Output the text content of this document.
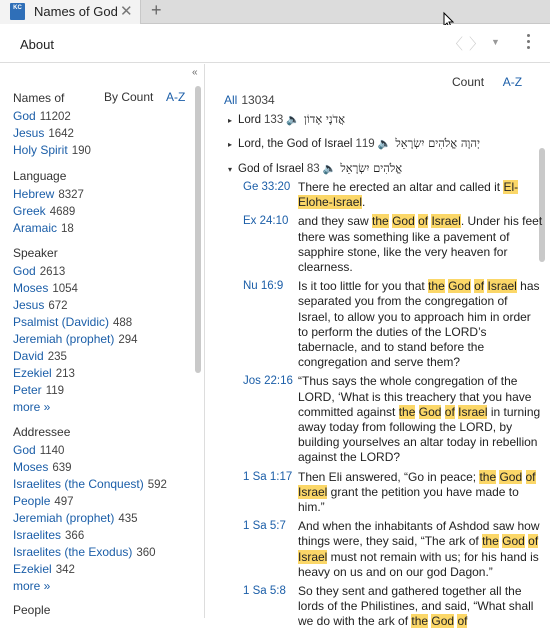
KC Names of God ✕ +
About	〈 〉 ▼
«
By Count A-Z
Names of
God 11202
Jesus 1642
Holy Spirit 190
Language
Hebrew 8327
Greek 4689
Aramaic 18
Speaker
God 2613
Moses 1054
Jesus 672
Psalmist (Davidic) 488
Jeremiah (prophet) 294
David 235
Ezekiel 213
Peter 119
more »
Addressee
God 1140
Moses 639
Israelites (the Conquest) 592
People 497
Jeremiah (prophet) 435
Israelites 366
Israelites (the Exodus) 360
Ezekiel 342
more »
People
Count A-Z
All 13034
▸ Lord	אֲדֹנָי אָדוֹן🔈133
▸ Lord, the God of Israel	יְהוָה אֱלֹהִים יִשְׂרָאֵל🔈119
▾ God of Israel	אֱלֹהִים יִשְׂרָאֵל🔈83
Ge 33:20 There he erected an altar and called it El-Elohe-Israel.
Ex 24:10 and they saw the God of Israel. Under his feet there was something like a pavement of sapphire stone, like the very heaven for clearness.
Nu 16:9	Is it too little for you that the God of Israel has separated you from the congregation of Israel, to allow you to approach him in order to perform the duties of the LORD’s tabernacle, and to stand before the congregation and serve them?
Jos 22:16 “Thus says the whole congregation of the LORD, ‘What is this treachery that you have committed against the God of Israel in turning away today from following the LORD, by building yourselves an altar today in rebellion against the LORD?
1 Sa 1:17 Then Eli answered, “Go in peace; the God of Israel grant the petition you have made to him.”
1 Sa 5:7	And when the inhabitants of Ashdod saw how things were, they said, “The ark of the God of Israel must not remain with us; for his hand is heavy on us and on our god Dagon.”
1 Sa 5:8	So they sent and gathered together all the lords of the Philistines, and said, “What shall we do with the ark of the God of
